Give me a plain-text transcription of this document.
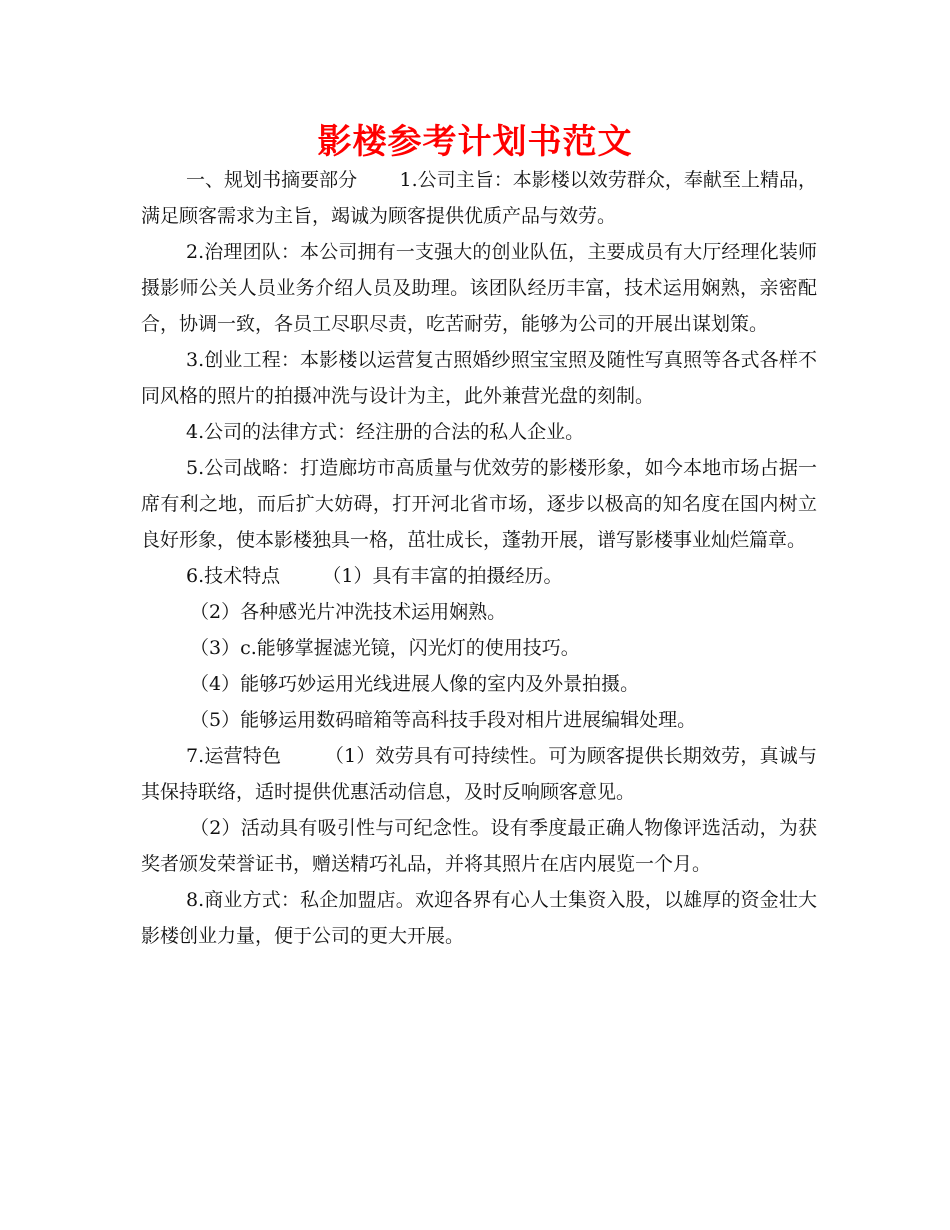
影楼参考计划书范文

一、规划书摘要部分       1.公司主旨：本影楼以效劳群众，奉献至上精品，满足顾客需求为主旨，竭诚为顾客提供优质产品与效劳。

2.治理团队：本公司拥有一支强大的创业队伍，主要成员有大厅经理化装师摄影师公关人员业务介绍人员及助理。该团队经历丰富，技术运用娴熟，亲密配合，协调一致，各员工尽职尽责，吃苦耐劳，能够为公司的开展出谋划策。

3.创业工程：本影楼以运营复古照婚纱照宝宝照及随性写真照等各式各样不同风格的照片的拍摄冲洗与设计为主，此外兼营光盘的刻制。

4.公司的法律方式：经注册的合法的私人企业。

5.公司战略：打造廊坊市高质量与优效劳的影楼形象，如今本地市场占据一席有利之地，而后扩大妨碍，打开河北省市场，逐步以极高的知名度在国内树立良好形象，使本影楼独具一格，茁壮成长，蓬勃开展，谱写影楼事业灿烂篇章。

6.技术特点       （1）具有丰富的拍摄经历。

（2）各种感光片冲洗技术运用娴熟。

（3）c.能够掌握滤光镜，闪光灯的使用技巧。

（4）能够巧妙运用光线进展人像的室内及外景拍摄。

（5）能够运用数码暗箱等高科技手段对相片进展编辑处理。

7.运营特色       （1）效劳具有可持续性。可为顾客提供长期效劳，真诚与其保持联络，适时提供优惠活动信息，及时反响顾客意见。

（2）活动具有吸引性与可纪念性。设有季度最正确人物像评选活动，为获奖者颁发荣誉证书，赠送精巧礼品，并将其照片在店内展览一个月。

8.商业方式：私企加盟店。欢迎各界有心人士集资入股，以雄厚的资金壮大影楼创业力量，便于公司的更大开展。
